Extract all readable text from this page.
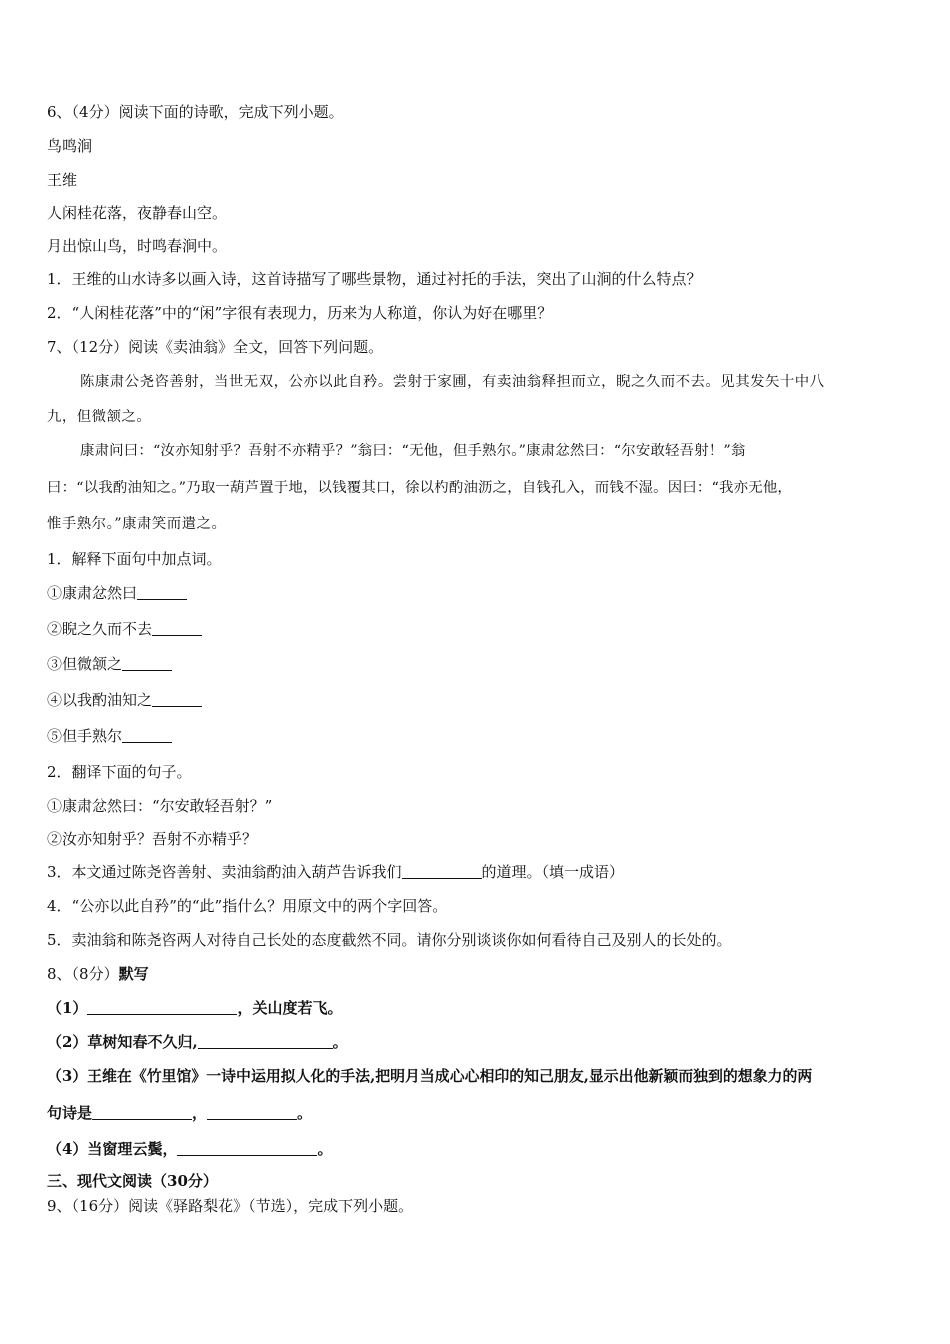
6、（4分）阅读下面的诗歌，完成下列小题。
鸟鸣涧
王维
人闲桂花落，夜静春山空。
月出惊山鸟，时鸣春涧中。
1．王维的山水诗多以画入诗，这首诗描写了哪些景物，通过衬托的手法，突出了山涧的什么特点？
2．“人闲桂花落”中的“闲”字很有表现力，历来为人称道，你认为好在哪里？
7、（12分）阅读《卖油翁》全文，回答下列问题。
陈康肃公尧咨善射，当世无双，公亦以此自矜。尝射于家圃，有卖油翁释担而立，睨之久而不去。见其发矢十中八
九，但微颔之。
康肃问曰：“汝亦知射乎？吾射不亦精乎？”翁曰：“无他，但手熟尔。”康肃忿然曰：“尔安敢轻吾射！”翁
曰：“以我酌油知之。”乃取一葫芦置于地，以钱覆其口，徐以杓酌油沥之，自钱孔入，而钱不湿。因曰：“我亦无他，
惟手熟尔。”康肃笑而遣之。
1．解释下面句中加点词。
①康肃忿然曰
②睨之久而不去
③但微颔之
④以我酌油知之
⑤但手熟尔
2．翻译下面的句子。
①康肃忿然曰：“尔安敢轻吾射？”
②汝亦知射乎？吾射不亦精乎？
3．本文通过陈尧咨善射、卖油翁酌油入葫芦告诉我们	的道理。（填一成语）
4．“公亦以此自矜”的“此”指什么？用原文中的两个字回答。
5．卖油翁和陈尧咨两人对待自己长处的态度截然不同。请你分别谈谈你如何看待自己及别人的长处的。
8、（8分）默写
（1）	，关山度若飞。
（2）草树知春不久归,	。
（3）王维在《竹里馆》一诗中运用拟人化的手法,把明月当成心心相印的知己朋友,显示出他新颖而独到的想象力的两
句诗是	，	。
（4）当窗理云鬓，	。
三、现代文阅读（30分）
9、（16分）阅读《驿路梨花》（节选），完成下列小题。
